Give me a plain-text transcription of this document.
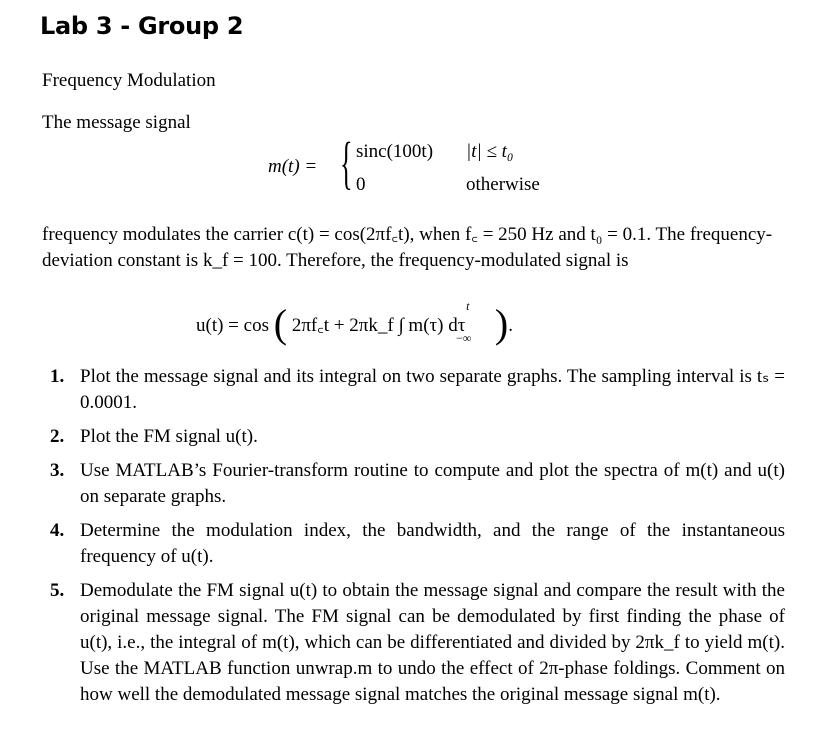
Lab 3 - Group 2
Frequency Modulation
The message signal
m(t) = { sinc(100t) |t| ≤ t₀
0	otherwise
frequency modulates the carrier c(t) = cos(2πf꜀t), when f꜀ = 250 Hz and t₀ = 0.1. The frequency-deviation constant is k_f = 100. Therefore, the frequency-modulated signal is
u(t) = cos ( 2πf꜀t + 2πk_f ∫ m(τ) dτ
t
−∞ ).
1. Plot the message signal and its integral on two separate graphs. The sampling interval is tₛ = 0.0001.
2. Plot the FM signal u(t).
3. Use MATLAB’s Fourier-transform routine to compute and plot the spectra of m(t) and u(t) on separate graphs.
4. Determine the modulation index, the bandwidth, and the range of the instantaneous frequency of u(t).
5. Demodulate the FM signal u(t) to obtain the message signal and compare the result with the original message signal. The FM signal can be demodulated by first finding the phase of u(t), i.e., the integral of m(t), which can be differentiated and divided by 2πk_f to yield m(t). Use the MATLAB function unwrap.m to undo the effect of 2π-phase foldings. Comment on how well the demodulated message signal matches the original message signal m(t).
